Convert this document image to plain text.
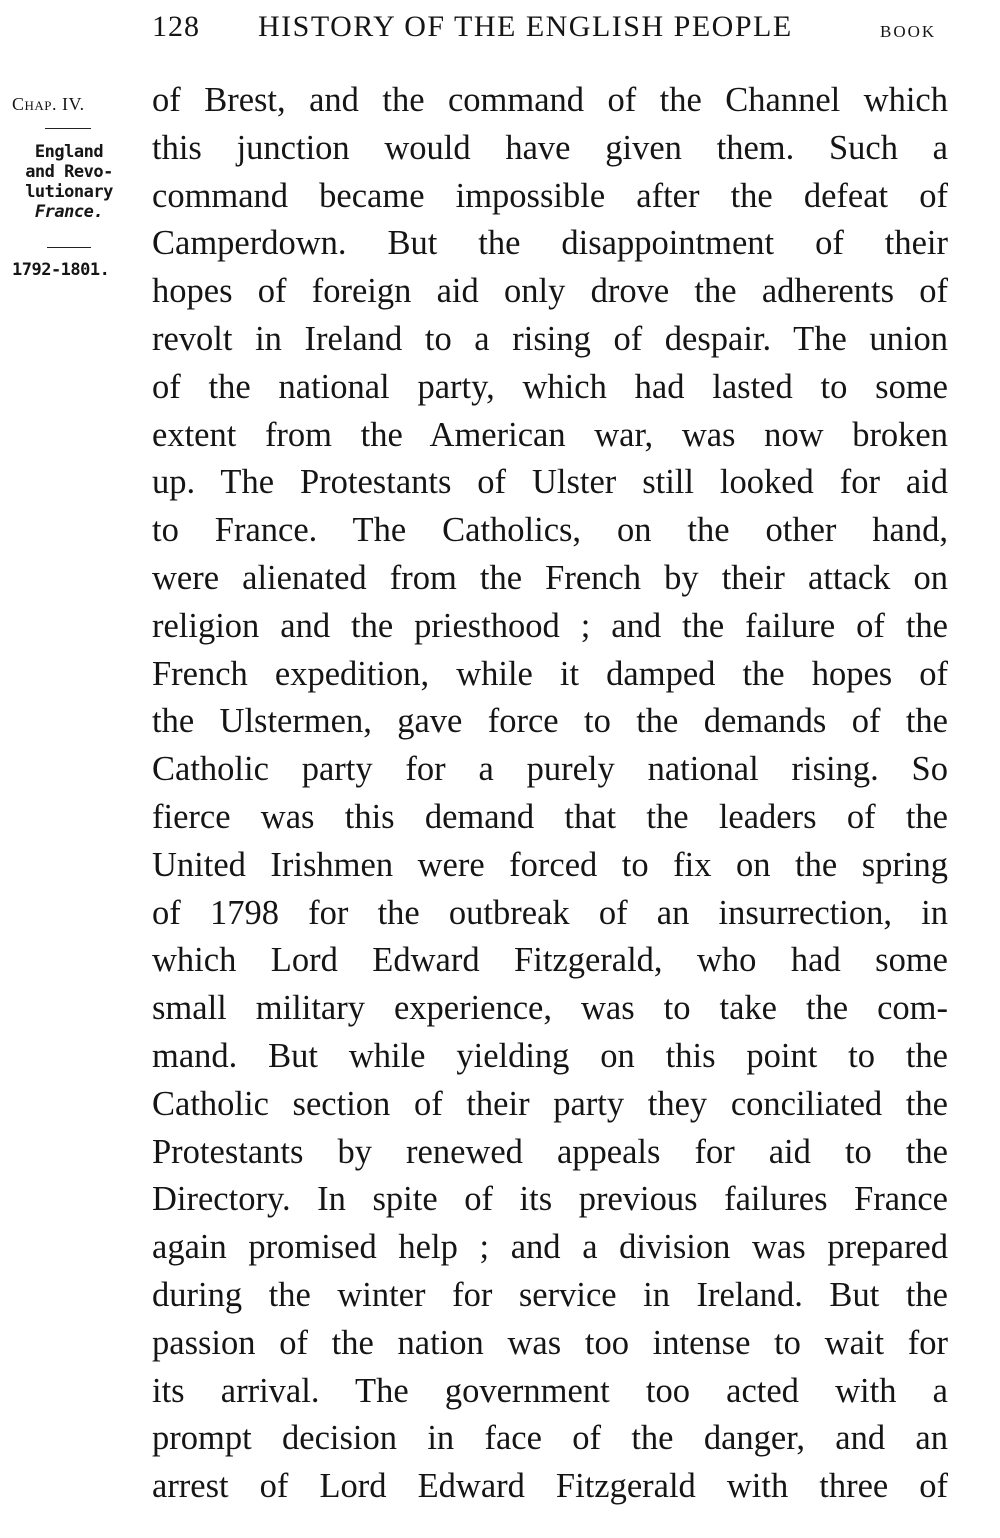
128 HISTORY OF THE ENGLISH PEOPLE	BOOK
Chap. IV.
England
and Revo-
lutionary
France.
1792-1801.
of Brest, and the command of the Channel which
this junction would have given them. Such a
command became impossible after the defeat of
Camperdown. But the disappointment of their
hopes of foreign aid only drove the adherents of
revolt in Ireland to a rising of despair. The union
of the national party, which had lasted to some
extent from the American war, was now broken
up. The Protestants of Ulster still looked for aid
to France. The Catholics, on the other hand,
were alienated from the French by their attack on
religion and the priesthood ; and the failure of the
French expedition, while it damped the hopes of
the Ulstermen, gave force to the demands of the
Catholic party for a purely national rising. So
fierce was this demand that the leaders of the
United Irishmen were forced to fix on the spring
of 1798 for the outbreak of an insurrection, in
which Lord Edward Fitzgerald, who had some
small military experience, was to take the com-
mand. But while yielding on this point to the
Catholic section of their party they conciliated the
Protestants by renewed appeals for aid to the
Directory. In spite of its previous failures France
again promised help ; and a division was prepared
during the winter for service in Ireland. But the
passion of the nation was too intense to wait for
its arrival. The government too acted with a
prompt decision in face of the danger, and an
arrest of Lord Edward Fitzgerald with three of
